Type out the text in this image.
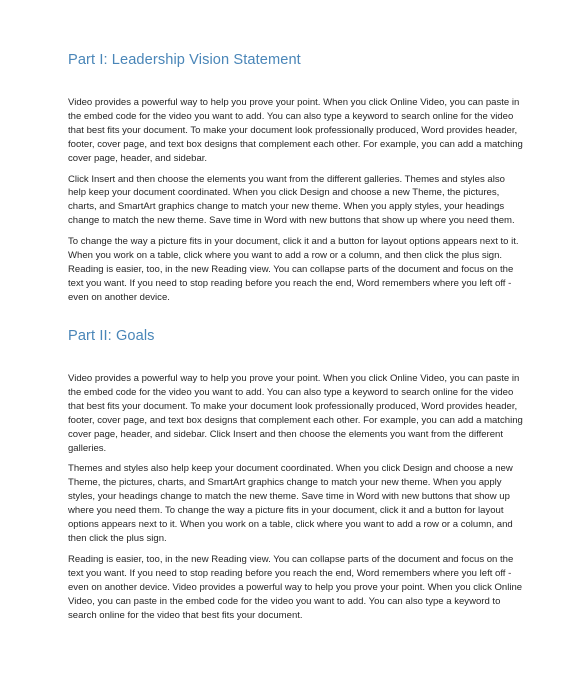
Part I: Leadership Vision Statement

Video provides a powerful way to help you prove your point. When you click Online Video, you can paste in the embed code for the video you want to add. You can also type a keyword to search online for the video that best fits your document. To make your document look professionally produced, Word provides header, footer, cover page, and text box designs that complement each other. For example, you can add a matching cover page, header, and sidebar.

Click Insert and then choose the elements you want from the different galleries. Themes and styles also help keep your document coordinated. When you click Design and choose a new Theme, the pictures, charts, and SmartArt graphics change to match your new theme. When you apply styles, your headings change to match the new theme. Save time in Word with new buttons that show up where you need them.

To change the way a picture fits in your document, click it and a button for layout options appears next to it. When you work on a table, click where you want to add a row or a column, and then click the plus sign. Reading is easier, too, in the new Reading view. You can collapse parts of the document and focus on the text you want. If you need to stop reading before you reach the end, Word remembers where you left off - even on another device.

Part II: Goals

Video provides a powerful way to help you prove your point. When you click Online Video, you can paste in the embed code for the video you want to add. You can also type a keyword to search online for the video that best fits your document. To make your document look professionally produced, Word provides header, footer, cover page, and text box designs that complement each other. For example, you can add a matching cover page, header, and sidebar. Click Insert and then choose the elements you want from the different galleries.

Themes and styles also help keep your document coordinated. When you click Design and choose a new Theme, the pictures, charts, and SmartArt graphics change to match your new theme. When you apply styles, your headings change to match the new theme. Save time in Word with new buttons that show up where you need them. To change the way a picture fits in your document, click it and a button for layout options appears next to it. When you work on a table, click where you want to add a row or a column, and then click the plus sign.

Reading is easier, too, in the new Reading view. You can collapse parts of the document and focus on the text you want. If you need to stop reading before you reach the end, Word remembers where you left off - even on another device. Video provides a powerful way to help you prove your point. When you click Online Video, you can paste in the embed code for the video you want to add. You can also type a keyword to search online for the video that best fits your document.
